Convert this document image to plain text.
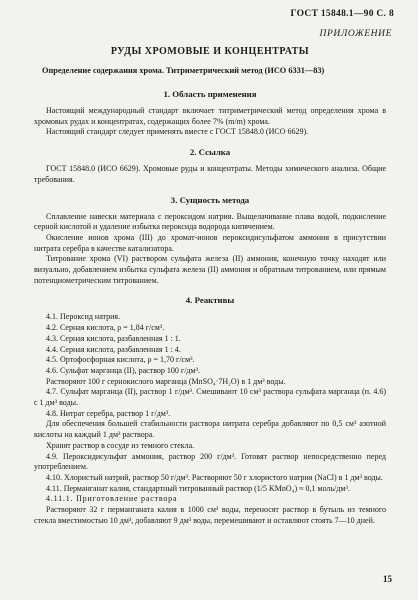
ГОСТ 15848.1—90 С. 8
ПРИЛОЖЕНИЕ
РУДЫ ХРОМОВЫЕ И КОНЦЕНТРАТЫ
Определение содержания хрома. Титриметрический метод (ИСО 6331—83)
1. Область применения

Настоящий международный стандарт включает титриметрический метод определения хрома в хромовых рудах и концентратах, содержащих более 7% (m/m) хрома.

Настоящий стандарт следует применять вместе с ГОСТ 15848.0 (ИСО 6629).

2. Ссылка

ГОСТ 15848.0 (ИСО 6629). Хромовые руды и концентраты. Методы химического анализа. Общие требования.

3. Сущность метода

Сплавление навески материала с пероксидом натрия. Выщелачивание плава водой, подкисление серной кислотой и удаление избытка пероксида водорода кипячением.

Окисление ионов хрома (III) до хромат-ионов пероксидисульфатом аммония в присутствии нитрата серебра в качестве катализатора.

Титрование хрома (VI) раствором сульфата железа (II) аммония, конечную точку находят или визуально, добавлением избытка сульфата железа (II) аммония и обратным титрованием, или прямым потенциометрическим титрованием.

4. Реактивы

4.1. Пероксид натрия.

4.2. Серная кислота, ρ = 1,84 г/см³.

4.3. Серная кислота, разбавленная 1 : 1.

4.4. Серная кислота, разбавленная 1 : 4.

4.5. Ортофосфорная кислота, ρ = 1,70 г/см³.

4.6. Сульфат марганца (II), раствор 100 г/дм³.

Растворяют 100 г сернокислого марганца (MnSO₄·7H₂O) в 1 дм³ воды.

4.7. Сульфат марганца (II), раствор 1 г/дм³. Смешивают 10 см³ раствора сульфата марганца (п. 4.6) с 1 дм³ воды.

4.8. Нитрат серебра, раствор 1 г/дм³.

Для обеспечения большей стабильности раствора нитрата серебра добавляют по 0,5 см³ азотной кислоты на каждый 1 дм³ раствора.

Хранят раствор в сосуде из темного стекла.

4.9. Пероксидисульфат аммония, раствор 200 г/дм³. Готовят раствор непосредственно перед употреблением.

4.10. Хлористый натрий, раствор 50 г/дм³. Растворяют 50 г хлористого натрия (NaCl) в 1 дм³ воды.

4.11. Перманганат калия, стандартный титрованный раствор (1/5 KMnO₄) ≈ 0,1 моль/дм³.

4.11.1. Приготовление раствора

Растворяют 32 г перманганата калия в 1000 см³ воды, переносят раствор в бутыль из темного стекла вместимостью 10 дм³, добавляют 9 дм³ воды, перемешивают и оставляют стоять 7—10 дней.

15
